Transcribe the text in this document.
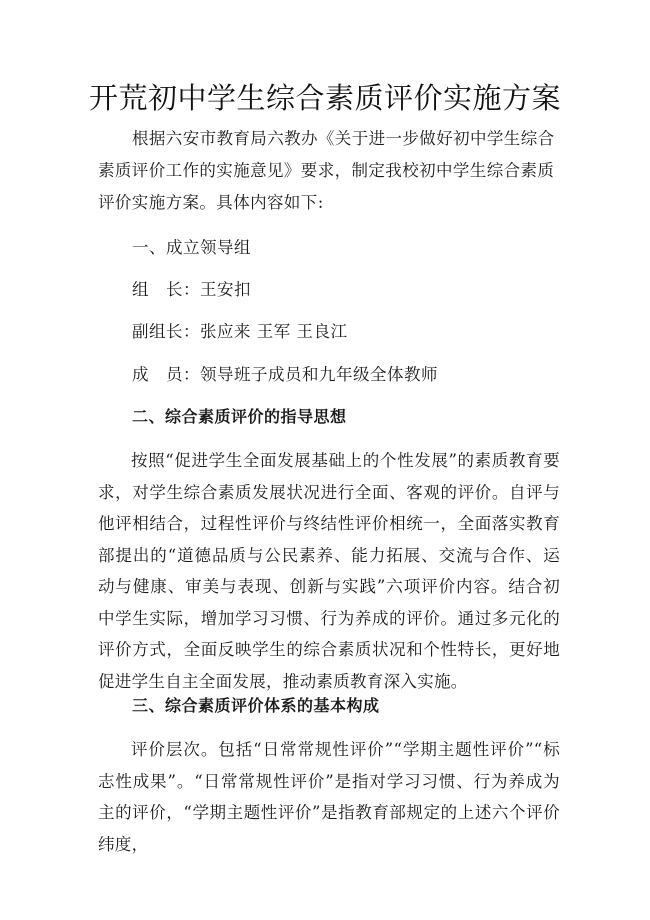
开荒初中学生综合素质评价实施方案

根据六安市教育局六教办《关于进一步做好初中学生综合素质评价工作的实施意见》要求，制定我校初中学生综合素质评价实施方案。具体内容如下:

一、成立领导组

组　长：王安扣

副组长：张应来 王军 王良江

成　员：领导班子成员和九年级全体教师

二、综合素质评价的指导思想

按照“促进学生全面发展基础上的个性发展”的素质教育要求，对学生综合素质发展状况进行全面、客观的评价。自评与他评相结合，过程性评价与终结性评价相统一，全面落实教育部提出的“道德品质与公民素养、能力拓展、交流与合作、运动与健康、审美与表现、创新与实践”六项评价内容。结合初中学生实际，增加学习习惯、行为养成的评价。通过多元化的评价方式，全面反映学生的综合素质状况和个性特长，更好地促进学生自主全面发展，推动素质教育深入实施。

三、综合素质评价体系的基本构成

评价层次。包括“日常常规性评价”“学期主题性评价”“标志性成果”。“日常常规性评价”是指对学习习惯、行为养成为主的评价，“学期主题性评价”是指教育部规定的上述六个评价纬度，
